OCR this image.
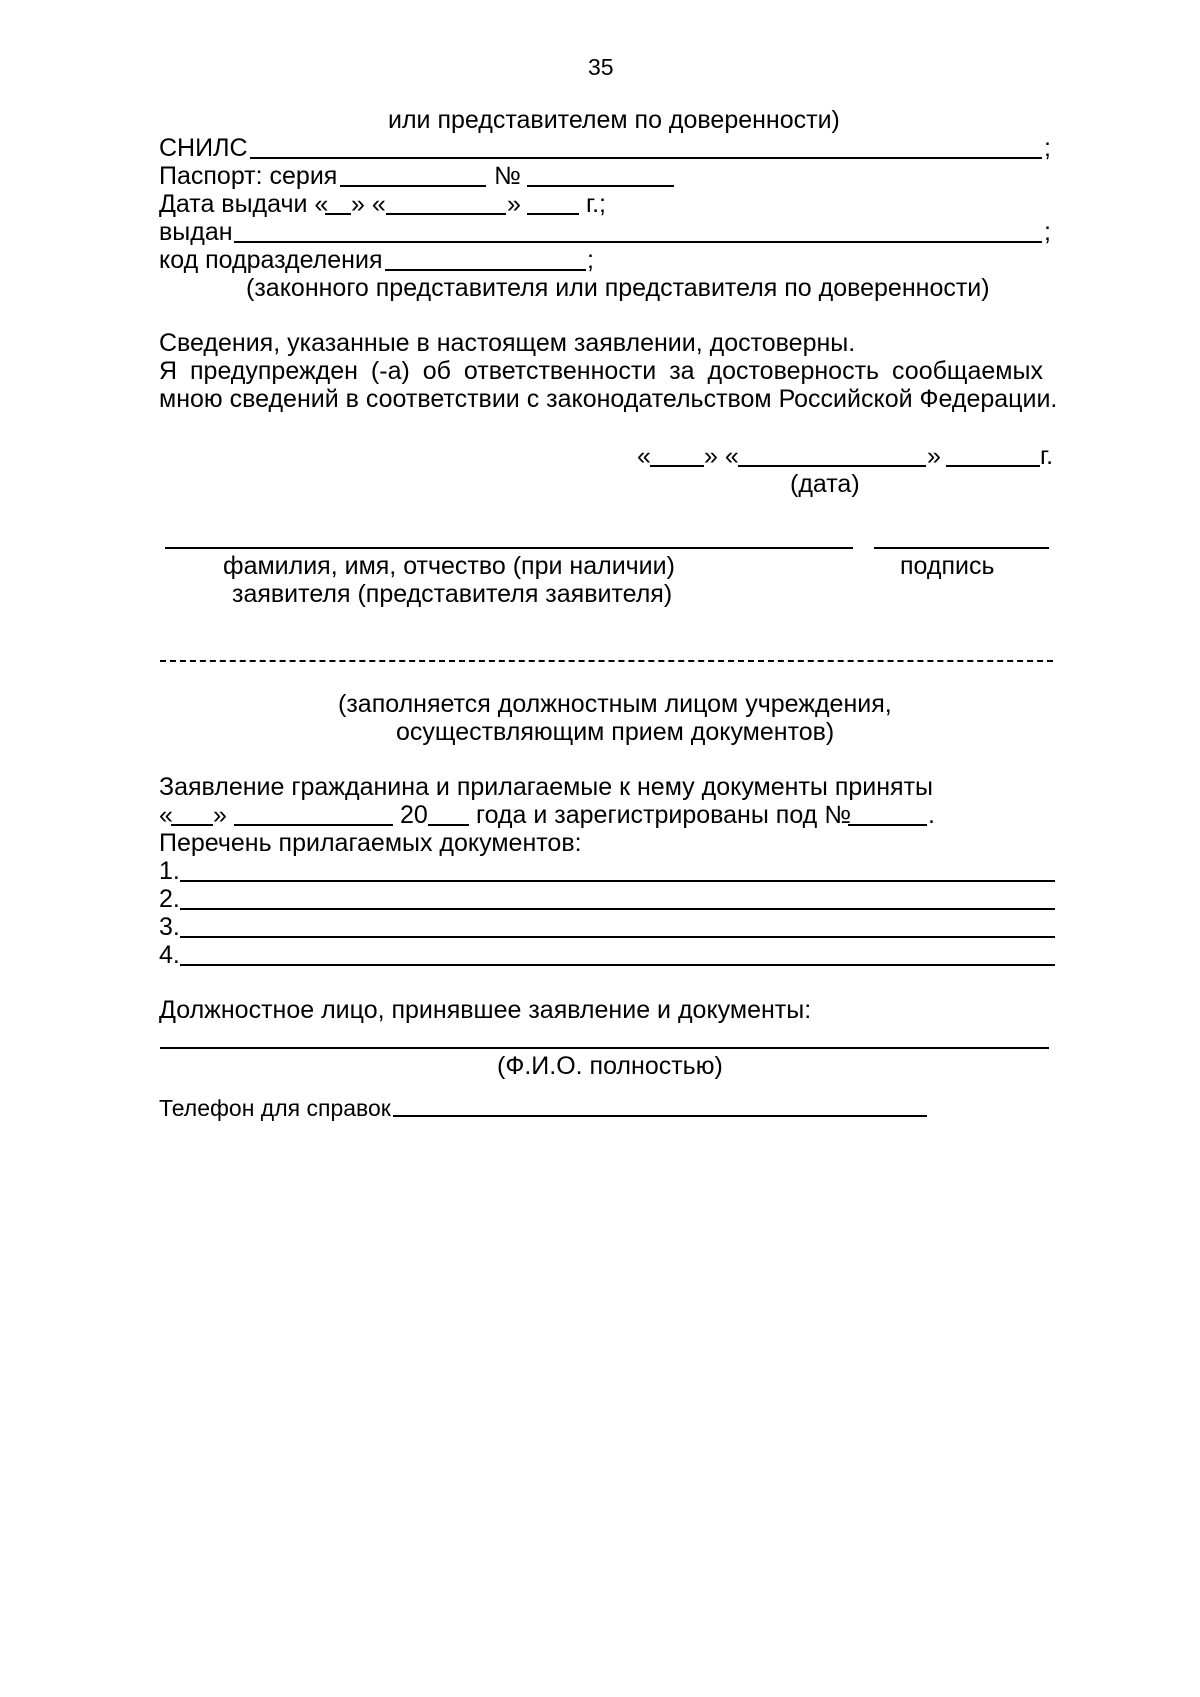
35
или представителем по доверенности)
СНИЛС	;
Паспорт: серия	№
Дата выдачи « » «	»	г.;
выдан	;
код подразделения	;
(законного представителя или представителя по доверенности)
Сведения, указанные в настоящем заявлении, достоверны.
Я предупрежден (-а) об ответственности за достоверность сообщаемых
мною сведений в соответствии с законодательством Российской Федерации.
« » «	»	г.
(дата)
фамилия, имя, отчество (при наличии)	подпись
заявителя (представителя заявителя)
(заполняется должностным лицом учреждения,
осуществляющим прием документов)
Заявление гражданина и прилагаемые к нему документы приняты
« »	20 года и зарегистрированы под №	.
Перечень прилагаемых документов:
1.
2.
3.
4.
Должностное лицо, принявшее заявление и документы:
(Ф.И.О. полностью)
Телефон для справок
